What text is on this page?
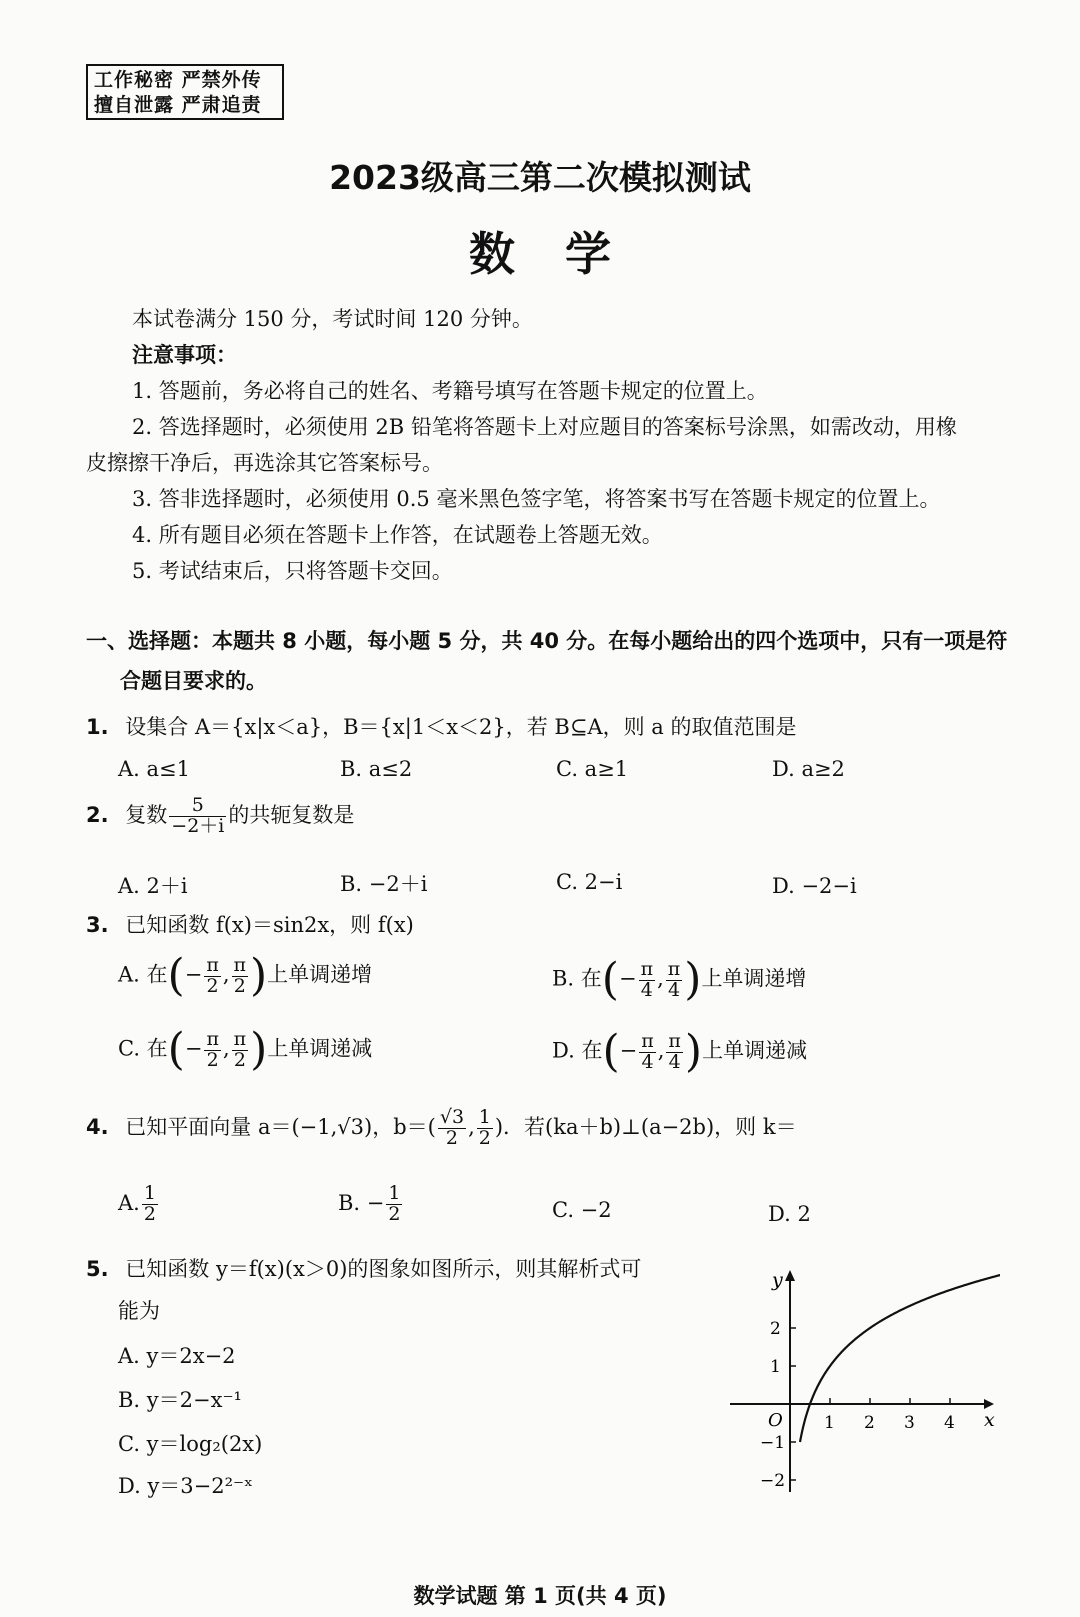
工作秘密 严禁外传
擅自泄露 严肃追责
2023级高三第二次模拟测试
数学
本试卷满分 150 分，考试时间 120 分钟。
注意事项：
1. 答题前，务必将自己的姓名、考籍号填写在答题卡规定的位置上。
2. 答选择题时，必须使用 2B 铅笔将答题卡上对应题目的答案标号涂黑，如需改动，用橡
皮擦擦干净后，再选涂其它答案标号。
3. 答非选择题时，必须使用 0.5 毫米黑色签字笔，将答案书写在答题卡规定的位置上。
4. 所有题目必须在答题卡上作答，在试题卷上答题无效。
5. 考试结束后，只将答题卡交回。
一、选择题：本题共 8 小题，每小题 5 分，共 40 分。在每小题给出的四个选项中，只有一项是符
合题目要求的。
1. 设集合 A＝{x|x＜a}，B＝{x|1＜x＜2}，若 B⊆A，则 a 的取值范围是
A. a≤1	B. a≤2	C. a≥1	D. a≥2
2. 复数 $\frac{5}{-2+i}$ 的共轭复数是
A. 2＋i	B. −2＋i	C. 2−i	D. −2−i
3. 已知函数 f(x)＝sin2x，则 f(x)
A. 在(− $\frac{\pi}{2}$ , $\frac{\pi}{2}$ )上单调递增	B. 在(− $\frac{\pi}{4}$ , $\frac{\pi}{4}$ )上单调递增
C. 在(− $\frac{\pi}{2}$ , $\frac{\pi}{2}$ )上单调递减	D. 在(− $\frac{\pi}{4}$ , $\frac{\pi}{4}$ )上单调递减
4. 已知平面向量 a＝(−1,√3)，$b=( \frac{√3}{2}$ , $\frac{1}{2}$ )．若(ka＋b)⊥(a−2b)，则 k＝
A. $\frac{1}{2}$	B. − $\frac{1}{2}$	C. −2	D. 2
5. 已知函数 y＝f(x)(x＞0)的图象如图所示，则其解析式可
能为
A. y＝2x−2
B. y＝2−x⁻¹
C. y＝log₂(2x)
D. y＝3−2²⁻ˣ
y
x
O 1 2 3 4
2
1
−1
−2
数学试题 第 1 页(共 4 页)
